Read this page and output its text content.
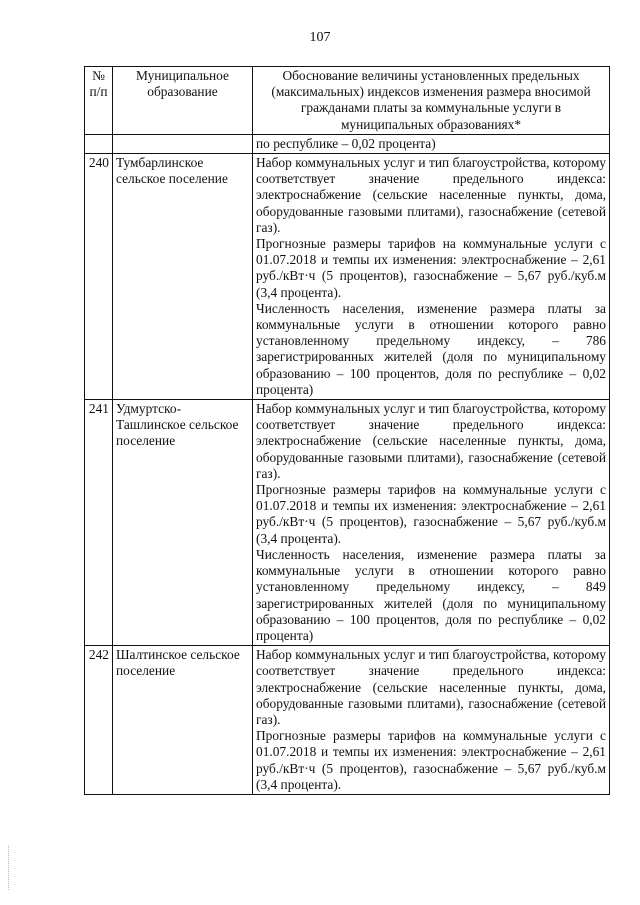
107
№ п/п	Муниципальное образование	Обоснование величины установленных предельных (максимальных) индексов изменения размера вносимой гражданами платы за коммунальные услуги в муниципальных образованиях*
		по республике – 0,02 процента)
240	Тумбарлинское сельское поселение	Набор коммунальных услуг и тип благоустройства, которому соответствует значение предельного индекса: электроснабжение (сельские населенные пункты, дома, оборудованные газовыми плитами), газоснабжение (сетевой газ).

Прогнозные размеры тарифов на коммунальные услуги с 01.07.2018 и темпы их изменения: электроснабжение – 2,61 руб./кВт·ч (5 процентов), газоснабжение – 5,67 руб./куб.м (3,4 процента).

Численность населения, изменение размера платы за коммунальные услуги в отношении которого равно установленному предельному индексу, – 786 зарегистрированных жителей (доля по муниципальному образованию – 100 процентов, доля по республике – 0,02 процента)

241	Удмуртско-Ташлинское сельское поселение	Набор коммунальных услуг и тип благоустройства, которому соответствует значение предельного индекса: электроснабжение (сельские населенные пункты, дома, оборудованные газовыми плитами), газоснабжение (сетевой газ).

Прогнозные размеры тарифов на коммунальные услуги с 01.07.2018 и темпы их изменения: электроснабжение – 2,61 руб./кВт·ч (5 процентов), газоснабжение – 5,67 руб./куб.м (3,4 процента).

Численность населения, изменение размера платы за коммунальные услуги в отношении которого равно установленному предельному индексу, – 849 зарегистрированных жителей (доля по муниципальному образованию – 100 процентов, доля по республике – 0,02 процента)

242	Шалтинское сельское поселение	Набор коммунальных услуг и тип благоустройства, которому соответствует значение предельного индекса: электроснабжение (сельские населенные пункты, дома, оборудованные газовыми плитами), газоснабжение (сетевой газ).

Прогнозные размеры тарифов на коммунальные услуги с 01.07.2018 и темпы их изменения: электроснабжение – 2,61 руб./кВт·ч (5 процентов), газоснабжение – 5,67 руб./куб.м (3,4 процента).
